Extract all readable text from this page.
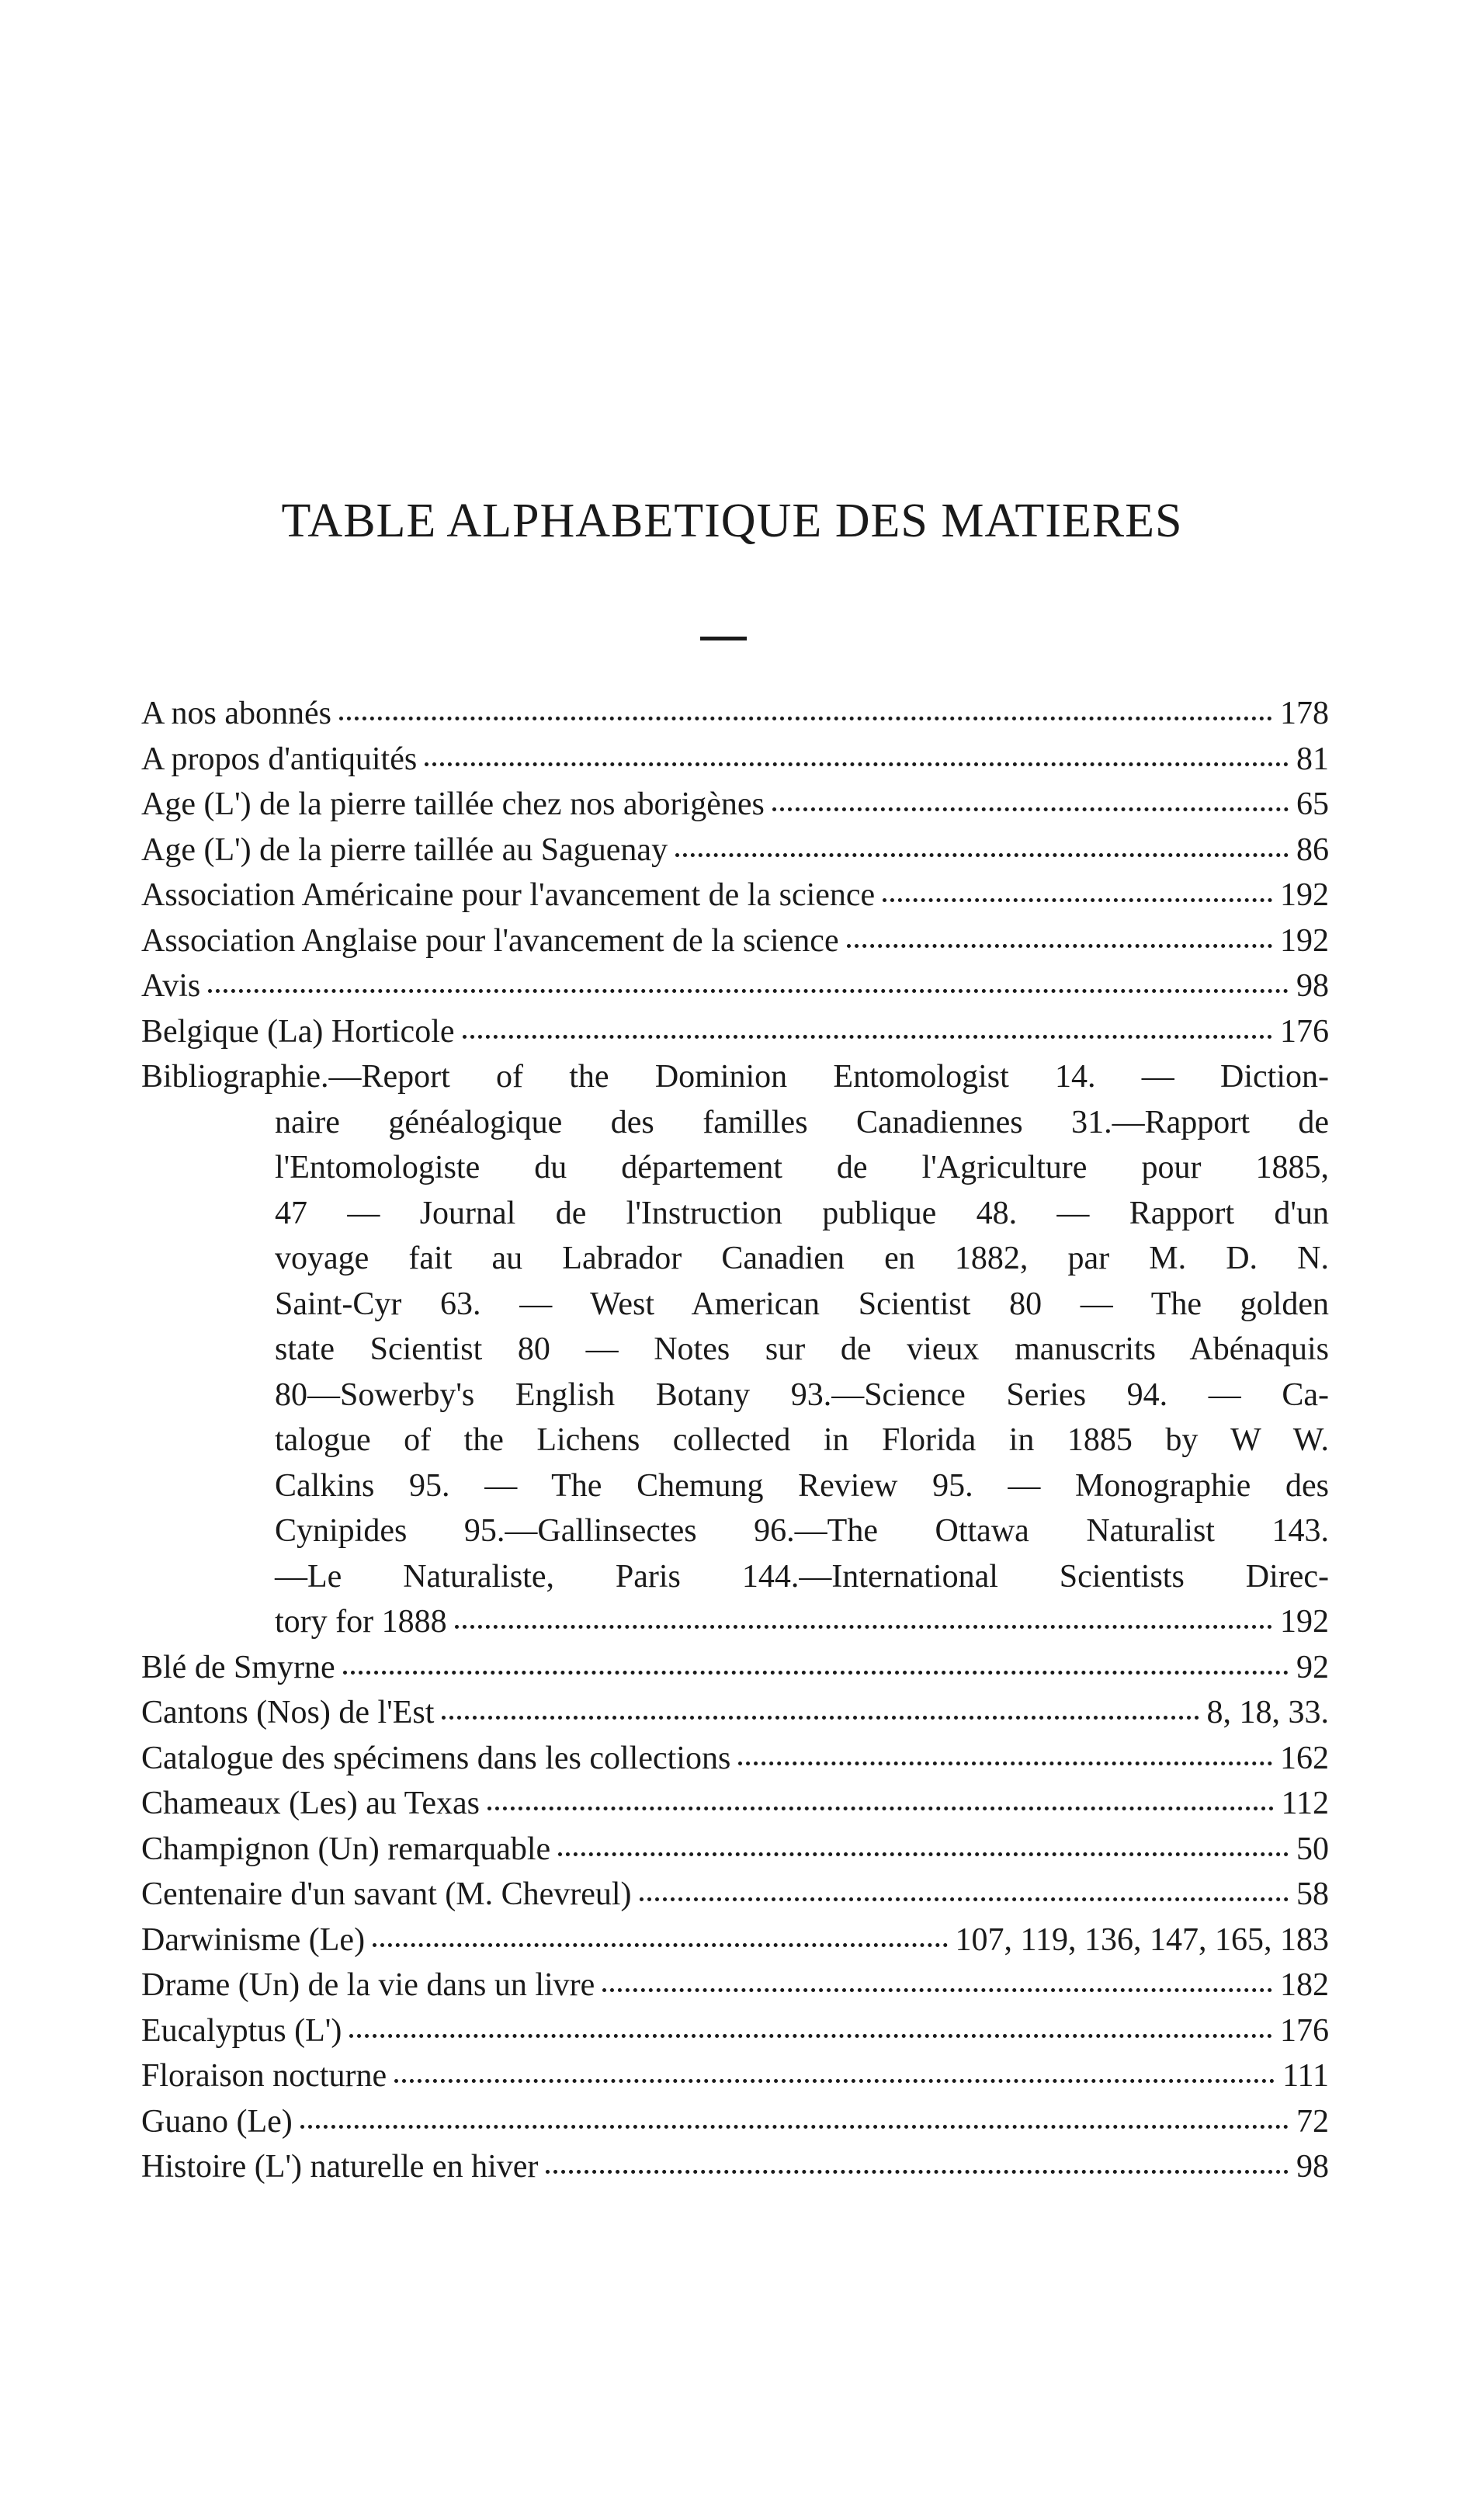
TABLE ALPHABETIQUE DES MATIERES
A nos abonnés	178
A propos d'antiquités	81
Age (L') de la pierre taillée chez nos aborigènes	65
Age (L') de la pierre taillée au Saguenay	86
Association Américaine pour l'avancement de la science	192
Association Anglaise pour l'avancement de la science	192
Avis	98
Belgique (La) Horticole	176
Bibliographie.—Report of the Dominion Entomologist 14. — Diction-
naire généalogique des familles Canadiennes 31.—Rapport de
l'Entomologiste du département de l'Agriculture pour 1885,
47 — Journal de l'Instruction publique 48. — Rapport d'un
voyage fait au Labrador Canadien en 1882, par M. D. N.
Saint-Cyr 63. — West American Scientist 80 — The golden
state Scientist 80 — Notes sur de vieux manuscrits Abénaquis
80—Sowerby's English Botany 93.—Science Series 94. — Ca-
talogue of the Lichens collected in Florida in 1885 by W W.
Calkins 95. — The Chemung Review 95. — Monographie des
Cynipides 95.—Gallinsectes 96.—The Ottawa Naturalist 143.
—Le Naturaliste, Paris 144.—International Scientists Direc-
tory for 1888	192
Blé de Smyrne	92
Cantons (Nos) de l'Est	8, 18, 33.
Catalogue des spécimens dans les collections	162
Chameaux (Les) au Texas	112
Champignon (Un) remarquable	50
Centenaire d'un savant (M. Chevreul)	58
Darwinisme (Le)	107, 119, 136, 147, 165, 183
Drame (Un) de la vie dans un livre	182
Eucalyptus (L')	176
Floraison nocturne	111
Guano (Le)	72
Histoire (L') naturelle en hiver	98
